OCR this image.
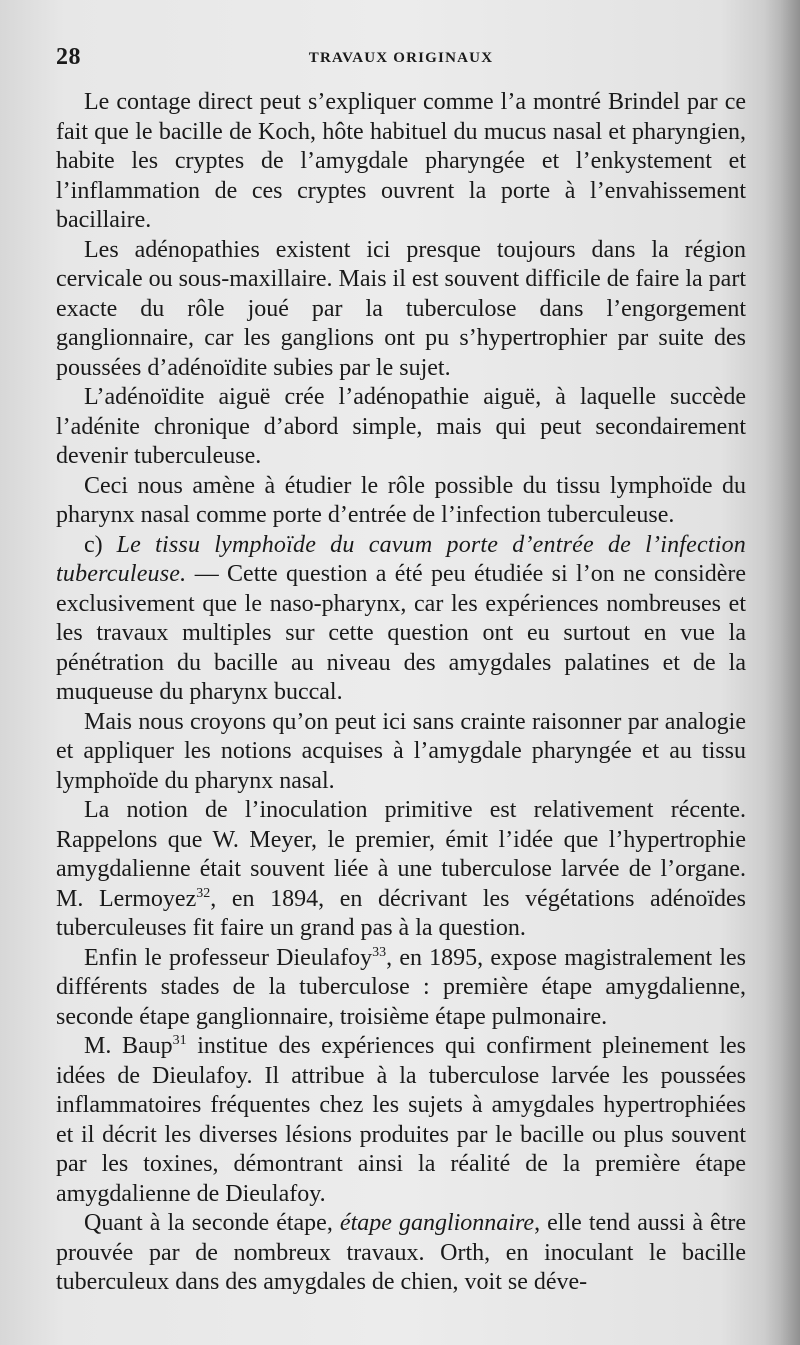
28	TRAVAUX ORIGINAUX

Le contage direct peut s’expliquer comme l’a montré Brindel par ce fait que le bacille de Koch, hôte habituel du mucus nasal et pharyngien, habite les cryptes de l’amygdale pharyngée et l’enkystement et l’inflammation de ces cryptes ouvrent la porte à l’envahissement bacillaire.

Les adénopathies existent ici presque toujours dans la région cervicale ou sous-maxillaire. Mais il est souvent difficile de faire la part exacte du rôle joué par la tuberculose dans l’engorgement ganglionnaire, car les ganglions ont pu s’hypertrophier par suite des poussées d’adénoïdite subies par le sujet.

L’adénoïdite aiguë crée l’adénopathie aiguë, à laquelle succède l’adénite chronique d’abord simple, mais qui peut secondairement devenir tuberculeuse.

Ceci nous amène à étudier le rôle possible du tissu lymphoïde du pharynx nasal comme porte d’entrée de l’infection tuberculeuse.

c) Le tissu lymphoïde du cavum porte d’entrée de l’infection tuberculeuse. — Cette question a été peu étudiée si l’on ne considère exclusivement que le naso-pharynx, car les expériences nombreuses et les travaux multiples sur cette question ont eu surtout en vue la pénétration du bacille au niveau des amygdales palatines et de la muqueuse du pharynx buccal.

Mais nous croyons qu’on peut ici sans crainte raisonner par analogie et appliquer les notions acquises à l’amygdale pharyngée et au tissu lymphoïde du pharynx nasal.

La notion de l’inoculation primitive est relativement récente. Rappelons que W. Meyer, le premier, émit l’idée que l’hypertrophie amygdalienne était souvent liée à une tuberculose larvée de l’organe. M. Lermoyez$^{32}$, en 1894, en décrivant les végétations adénoïdes tuberculeuses fit faire un grand pas à la question.

Enfin le professeur Dieulafoy$^{33}$, en 1895, expose magistralement les différents stades de la tuberculose : première étape amygdalienne, seconde étape ganglionnaire, troisième étape pulmonaire.

M. Baup$^{31}$ institue des expériences qui confirment pleinement les idées de Dieulafoy. Il attribue à la tuberculose larvée les poussées inflammatoires fréquentes chez les sujets à amygdales hypertrophiées et il décrit les diverses lésions produites par le bacille ou plus souvent par les toxines, démontrant ainsi la réalité de la première étape amygdalienne de Dieulafoy.

Quant à la seconde étape, étape ganglionnaire, elle tend aussi à être prouvée par de nombreux travaux. Orth, en inoculant le bacille tuberculeux dans des amygdales de chien, voit se déve-
